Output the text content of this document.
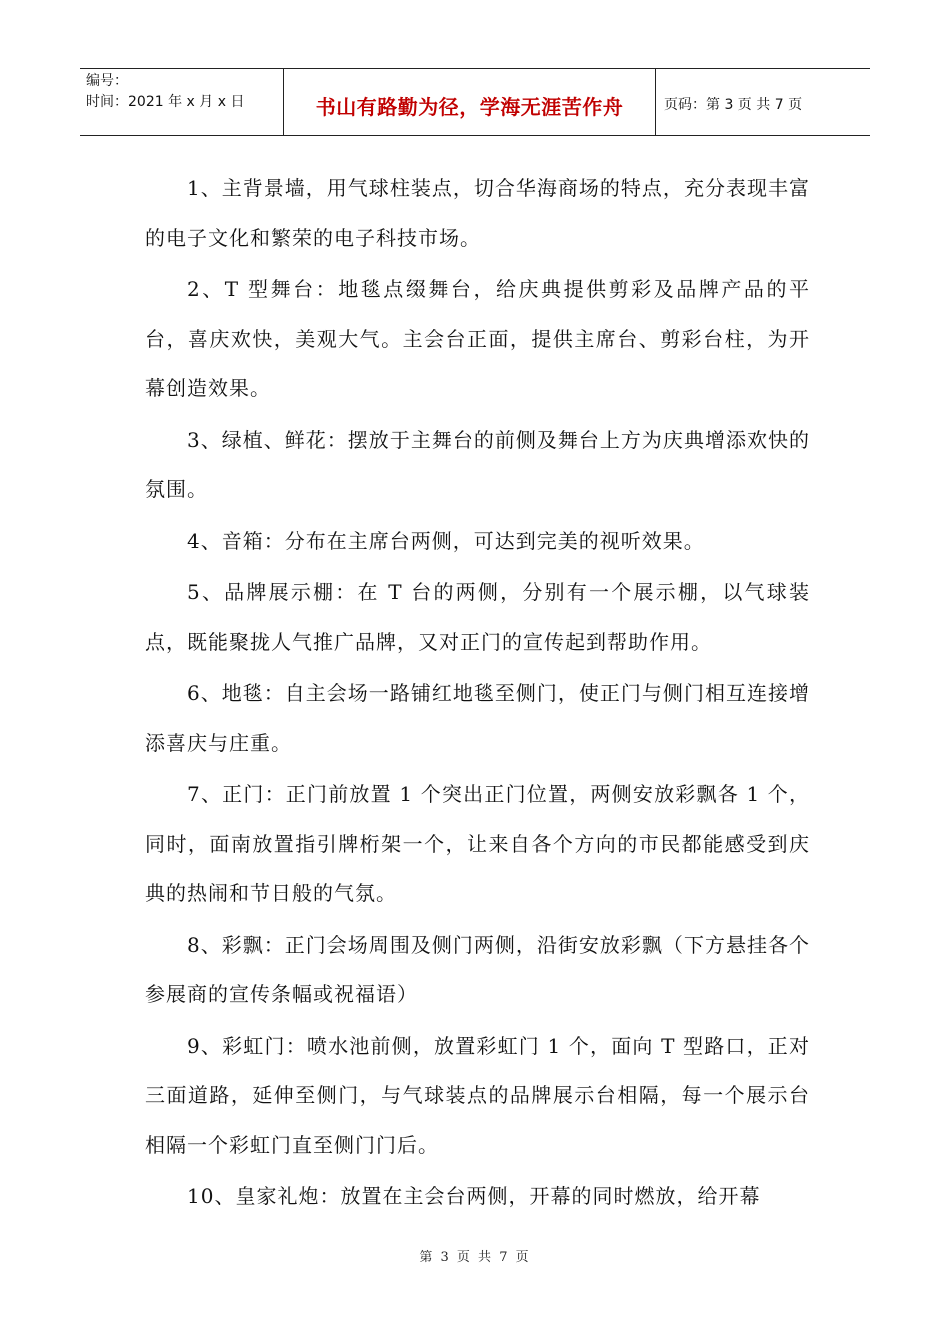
编号：
时间：2021 年 x 月 x 日	书山有路勤为径，学海无涯苦作舟	页码：第 3 页 共 7 页

1、主背景墙，用气球柱装点，切合华海商场的特点，充分表现丰富的电子文化和繁荣的电子科技市场。

2、T 型舞台：地毯点缀舞台，给庆典提供剪彩及品牌产品的平台，喜庆欢快，美观大气。主会台正面，提供主席台、剪彩台柱，为开幕创造效果。

3、绿植、鲜花：摆放于主舞台的前侧及舞台上方为庆典增添欢快的氛围。

4、音箱：分布在主席台两侧，可达到完美的视听效果。

5、品牌展示棚：在 T 台的两侧，分别有一个展示棚，以气球装点，既能聚拢人气推广品牌，又对正门的宣传起到帮助作用。

6、地毯：自主会场一路铺红地毯至侧门，使正门与侧门相互连接增添喜庆与庄重。

7、正门：正门前放置 1 个突出正门位置，两侧安放彩飘各 1 个，同时，面南放置指引牌桁架一个，让来自各个方向的市民都能感受到庆典的热闹和节日般的气氛。

8、彩飘：正门会场周围及侧门两侧，沿街安放彩飘（下方悬挂各个参展商的宣传条幅或祝福语）

9、彩虹门：喷水池前侧，放置彩虹门 1 个，面向 T 型路口，正对三面道路，延伸至侧门，与气球装点的品牌展示台相隔，每一个展示台相隔一个彩虹门直至侧门门后。

10、皇家礼炮：放置在主会台两侧，开幕的同时燃放，给开幕

第 3 页 共 7 页
